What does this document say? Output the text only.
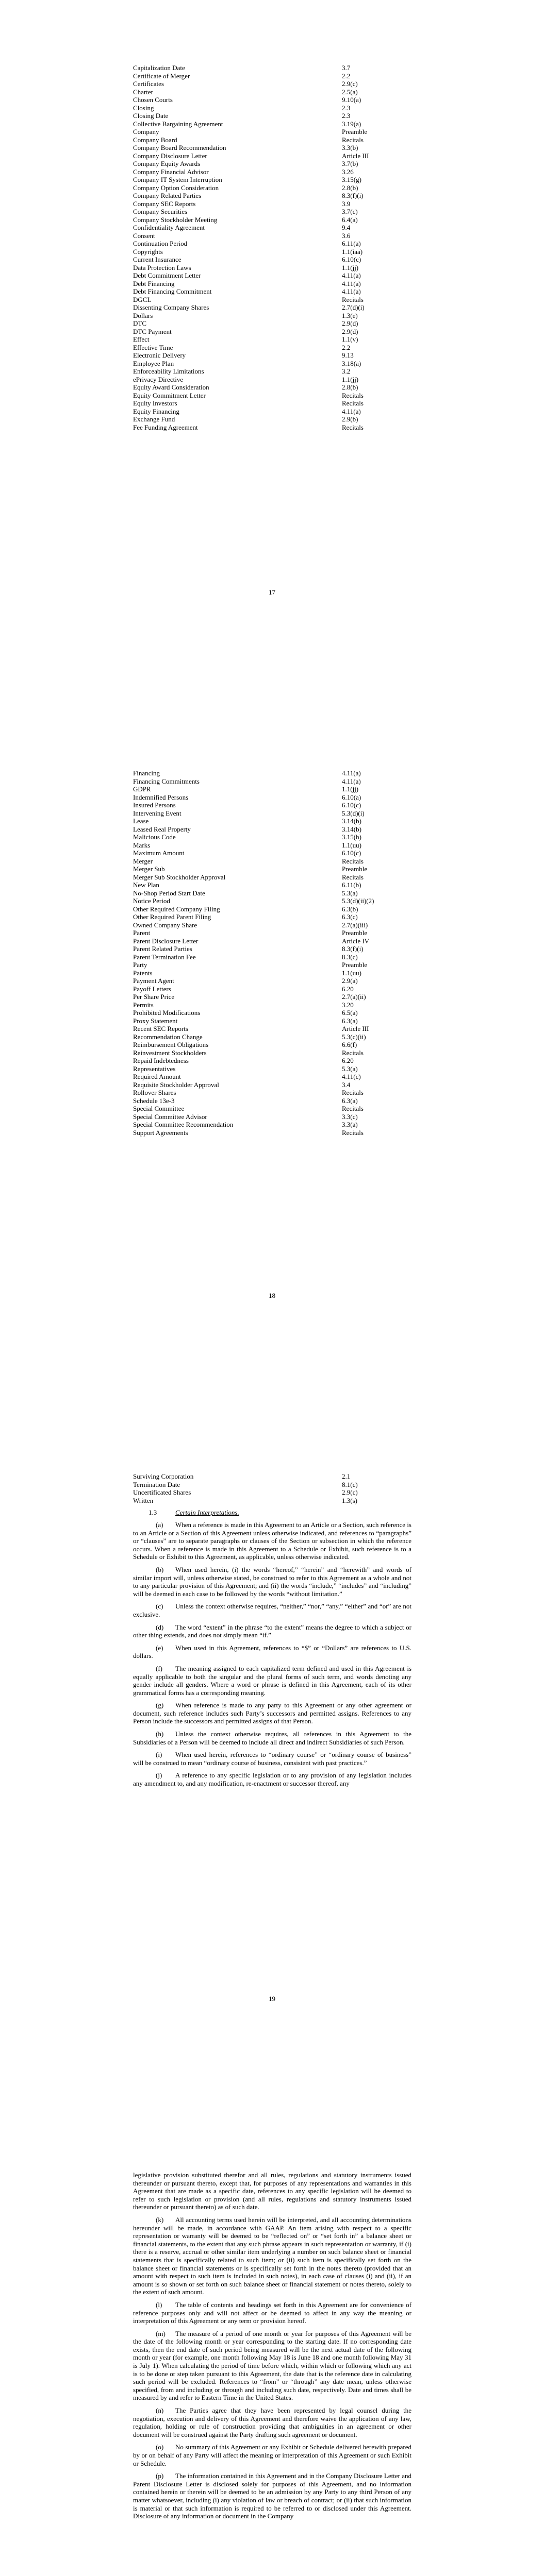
Capitalization Date	3.7
Certificate of Merger	2.2
Certificates	2.9(c)
Charter	2.5(a)
Chosen Courts	9.10(a)
Closing	2.3
Closing Date	2.3
Collective Bargaining Agreement	3.19(a)
Company	Preamble
Company Board	Recitals
Company Board Recommendation	3.3(b)
Company Disclosure Letter	Article III
Company Equity Awards	3.7(b)
Company Financial Advisor	3.26
Company IT System Interruption	3.15(g)
Company Option Consideration	2.8(b)
Company Related Parties	8.3(f)(i)
Company SEC Reports	3.9
Company Securities	3.7(c)
Company Stockholder Meeting	6.4(a)
Confidentiality Agreement	9.4
Consent	3.6
Continuation Period	6.11(a)
Copyrights	1.1(iaa)
Current Insurance	6.10(c)
Data Protection Laws	1.1(jj)
Debt Commitment Letter	4.11(a)
Debt Financing	4.11(a)
Debt Financing Commitment	4.11(a)
DGCL	Recitals
Dissenting Company Shares	2.7(d)(i)
Dollars	1.3(e)
DTC	2.9(d)
DTC Payment	2.9(d)
Effect	1.1(v)
Effective Time	2.2
Electronic Delivery	9.13
Employee Plan	3.18(a)
Enforceability Limitations	3.2
ePrivacy Directive	1.1(jj)
Equity Award Consideration	2.8(b)
Equity Commitment Letter	Recitals
Equity Investors	Recitals
Equity Financing	4.11(a)
Exchange Fund	2.9(b)
Fee Funding Agreement	Recitals
17
Financing	4.11(a)
Financing Commitments	4.11(a)
GDPR	1.1(jj)
Indemnified Persons	6.10(a)
Insured Persons	6.10(c)
Intervening Event	5.3(d)(i)
Lease	3.14(b)
Leased Real Property	3.14(b)
Malicious Code	3.15(h)
Marks	1.1(uu)
Maximum Amount	6.10(c)
Merger	Recitals
Merger Sub	Preamble
Merger Sub Stockholder Approval	Recitals
New Plan	6.11(b)
No-Shop Period Start Date	5.3(a)
Notice Period	5.3(d)(ii)(2)
Other Required Company Filing	6.3(b)
Other Required Parent Filing	6.3(c)
Owned Company Share	2.7(a)(iii)
Parent	Preamble
Parent Disclosure Letter	Article IV
Parent Related Parties	8.3(f)(i)
Parent Termination Fee	8.3(c)
Party	Preamble
Patents	1.1(uu)
Payment Agent	2.9(a)
Payoff Letters	6.20
Per Share Price	2.7(a)(ii)
Permits	3.20
Prohibited Modifications	6.5(a)
Proxy Statement	6.3(a)
Recent SEC Reports	Article III
Recommendation Change	5.3(c)(ii)
Reimbursement Obligations	6.6(f)
Reinvestment Stockholders	Recitals
Repaid Indebtedness	6.20
Representatives	5.3(a)
Required Amount	4.11(c)
Requisite Stockholder Approval	3.4
Rollover Shares	Recitals
Schedule 13e-3	6.3(a)
Special Committee	Recitals
Special Committee Advisor	3.3(c)
Special Committee Recommendation	3.3(a)
Support Agreements	Recitals
18
Surviving Corporation	2.1
Termination Date	8.1(c)
Uncertificated Shares	2.9(c)
Written	1.3(s)
1.3	Certain Interpretations.

(a) When a reference is made in this Agreement to an Article or a Section, such reference is to an Article or a Section of this Agreement unless otherwise indicated, and references to “paragraphs” or “clauses” are to separate paragraphs or clauses of the Section or subsection in which the reference occurs. When a reference is made in this Agreement to a Schedule or Exhibit, such reference is to a Schedule or Exhibit to this Agreement, as applicable, unless otherwise indicated.

(b) When used herein, (i) the words “hereof,” “herein” and “herewith” and words of similar import will, unless otherwise stated, be construed to refer to this Agreement as a whole and not to any particular provision of this Agreement; and (ii) the words “include,” “includes” and “including” will be deemed in each case to be followed by the words “without limitation.”

(c) Unless the context otherwise requires, “neither,” “nor,” “any,” “either” and “or” are not exclusive.

(d) The word “extent” in the phrase “to the extent” means the degree to which a subject or other thing extends, and does not simply mean “if.”

(e) When used in this Agreement, references to “$” or “Dollars” are references to U.S. dollars.

(f) The meaning assigned to each capitalized term defined and used in this Agreement is equally applicable to both the singular and the plural forms of such term, and words denoting any gender include all genders. Where a word or phrase is defined in this Agreement, each of its other grammatical forms has a corresponding meaning.

(g) When reference is made to any party to this Agreement or any other agreement or document, such reference includes such Party’s successors and permitted assigns. References to any Person include the successors and permitted assigns of that Person.

(h) Unless the context otherwise requires, all references in this Agreement to the Subsidiaries of a Person will be deemed to include all direct and indirect Subsidiaries of such Person.

(i) When used herein, references to “ordinary course” or “ordinary course of business” will be construed to mean “ordinary course of business, consistent with past practices.”

(j) A reference to any specific legislation or to any provision of any legislation includes any amendment to, and any modification, re-enactment or successor thereof, any

19

legislative provision substituted therefor and all rules, regulations and statutory instruments issued thereunder or pursuant thereto, except that, for purposes of any representations and warranties in this Agreement that are made as a specific date, references to any specific legislation will be deemed to refer to such legislation or provision (and all rules, regulations and statutory instruments issued thereunder or pursuant thereto) as of such date.

(k) All accounting terms used herein will be interpreted, and all accounting determinations hereunder will be made, in accordance with GAAP. An item arising with respect to a specific representation or warranty will be deemed to be “reflected on” or “set forth in” a balance sheet or financial statements, to the extent that any such phrase appears in such representation or warranty, if (i) there is a reserve, accrual or other similar item underlying a number on such balance sheet or financial statements that is specifically related to such item; or (ii) such item is specifically set forth on the balance sheet or financial statements or is specifically set forth in the notes thereto (provided that an amount with respect to such item is included in such notes), in each case of clauses (i) and (ii), if an amount is so shown or set forth on such balance sheet or financial statement or notes thereto, solely to the extent of such amount.

(l) The table of contents and headings set forth in this Agreement are for convenience of reference purposes only and will not affect or be deemed to affect in any way the meaning or interpretation of this Agreement or any term or provision hereof.

(m) The measure of a period of one month or year for purposes of this Agreement will be the date of the following month or year corresponding to the starting date. If no corresponding date exists, then the end date of such period being measured will be the next actual date of the following month or year (for example, one month following May 18 is June 18 and one month following May 31 is July 1). When calculating the period of time before which, within which or following which any act is to be done or step taken pursuant to this Agreement, the date that is the reference date in calculating such period will be excluded. References to “from” or “through” any date mean, unless otherwise specified, from and including or through and including such date, respectively. Date and times shall be measured by and refer to Eastern Time in the United States.

(n) The Parties agree that they have been represented by legal counsel during the negotiation, execution and delivery of this Agreement and therefore waive the application of any law, regulation, holding or rule of construction providing that ambiguities in an agreement or other document will be construed against the Party drafting such agreement or document.

(o) No summary of this Agreement or any Exhibit or Schedule delivered herewith prepared by or on behalf of any Party will affect the meaning or interpretation of this Agreement or such Exhibit or Schedule.

(p) The information contained in this Agreement and in the Company Disclosure Letter and Parent Disclosure Letter is disclosed solely for purposes of this Agreement, and no information contained herein or therein will be deemed to be an admission by any Party to any third Person of any matter whatsoever, including (i) any violation of law or breach of contract; or (ii) that such information is material or that such information is required to be referred to or disclosed under this Agreement. Disclosure of any information or document in the Company
